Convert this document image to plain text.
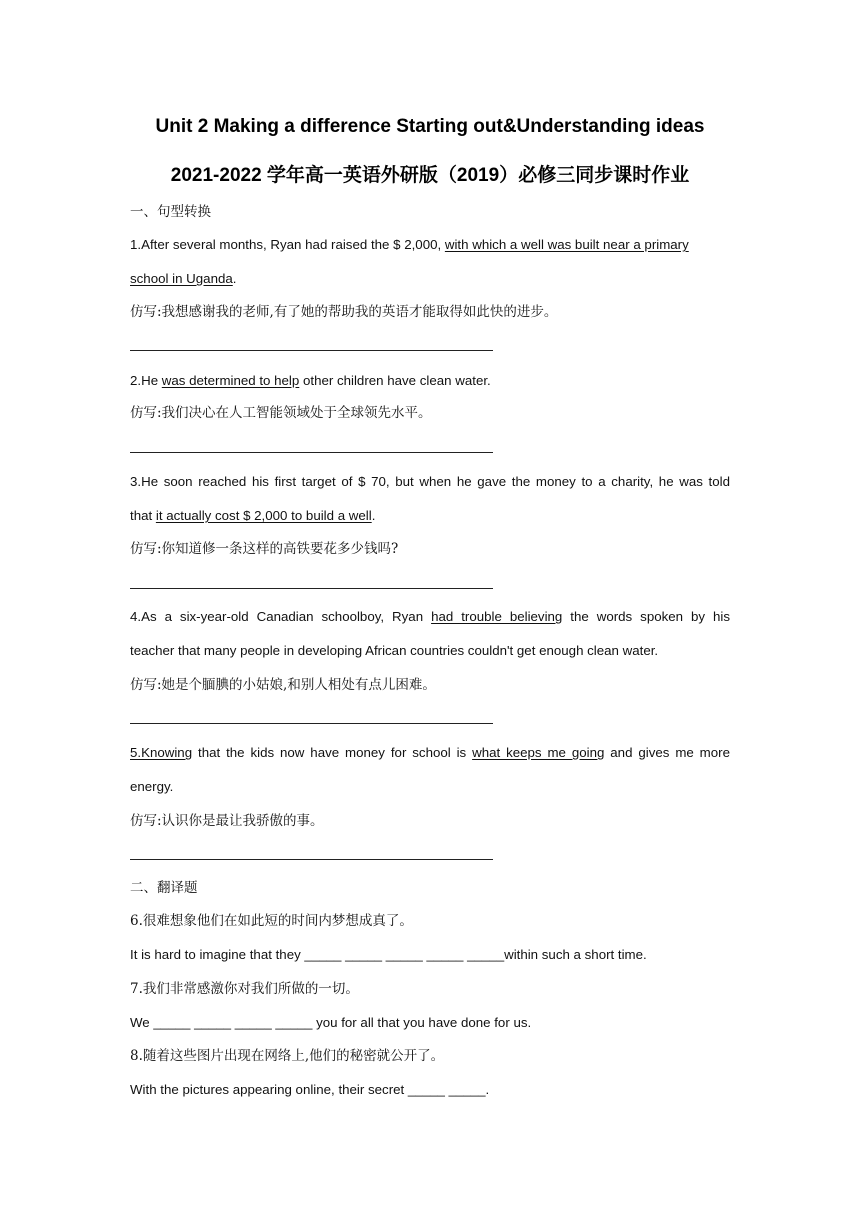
Unit 2 Making a difference Starting out&Understanding ideas
2021-2022 学年高一英语外研版（2019）必修三同步课时作业
一、句型转换
1.After several months, Ryan had raised the $ 2,000, with which a well was built near a primary
school in Uganda.
仿写:我想感谢我的老师,有了她的帮助我的英语才能取得如此快的进步。
2.He was determined to help other children have clean water.
仿写:我们决心在人工智能领域处于全球领先水平。
3.He soon reached his first target of $ 70, but when he gave the money to a charity, he was told
that it actually cost $ 2,000 to build a well.
仿写:你知道修一条这样的高铁要花多少钱吗?
4.As a six-year-old Canadian schoolboy, Ryan had trouble believing the words spoken by his
teacher that many people in developing African countries couldn't get enough clean water.
仿写:她是个腼腆的小姑娘,和别人相处有点儿困难。
5.Knowing that the kids now have money for school is what keeps me going and gives me more
energy.
仿写:认识你是最让我骄傲的事。
二、翻译题
6.很难想象他们在如此短的时间内梦想成真了。
It is hard to imagine that they _____ _____ _____ _____ _____within such a short time.
7.我们非常感激你对我们所做的一切。
We _____ _____ _____ _____ you for all that you have done for us.
8.随着这些图片出现在网络上,他们的秘密就公开了。
With the pictures appearing online, their secret _____ _____.
